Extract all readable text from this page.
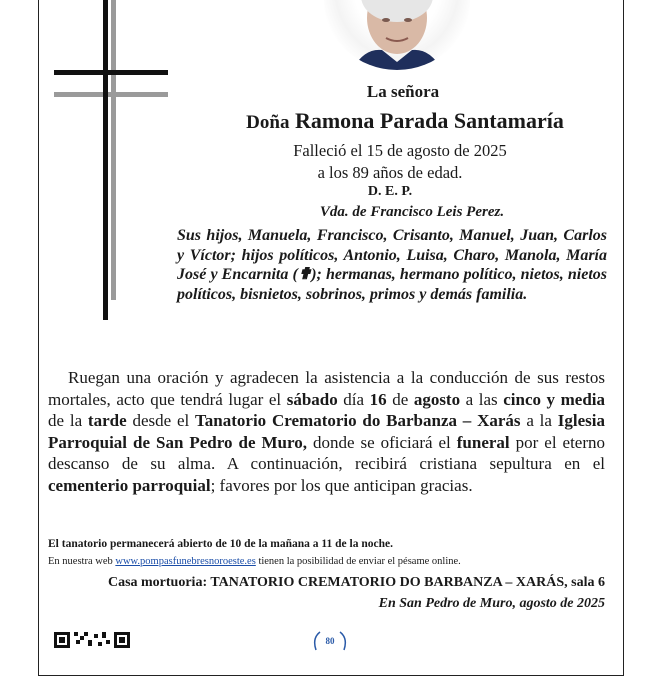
La señora
Doña Ramona Parada Santamaría
Falleció el 15 de agosto de 2025
a los 89 años de edad.
D. E. P.
Vda. de Francisco Leis Perez.
Sus hijos, Manuela, Francisco, Crisanto, Manuel, Juan, Carlos y Víctor; hijos políticos, Antonio, Luisa, Charo, Manola, María José y Encarnita (✟); hermanas, hermano político, nietos, nietos políticos, bisnietos, sobrinos, primos y demás familia.
Ruegan una oración y agradecen la asistencia a la conducción de sus restos mortales, acto que tendrá lugar el sábado día 16 de agosto a las cinco y media de la tarde desde el Tanatorio Crematorio do Barbanza – Xarás a la Iglesia Parroquial de San Pedro de Muro, donde se oficiará el funeral por el eterno descanso de su alma. A continuación, recibirá cristiana sepultura en el cementerio parroquial; favores por los que anticipan gracias.
El tanatorio permanecerá abierto de 10 de la mañana a 11 de la noche.
En nuestra web www.pompasfunebresnoroeste.es tienen la posibilidad de enviar el pésame online.
Casa mortuoria: TANATORIO CREMATORIO DO BARBANZA – XARÁS, sala 6
En San Pedro de Muro, agosto de 2025
80
